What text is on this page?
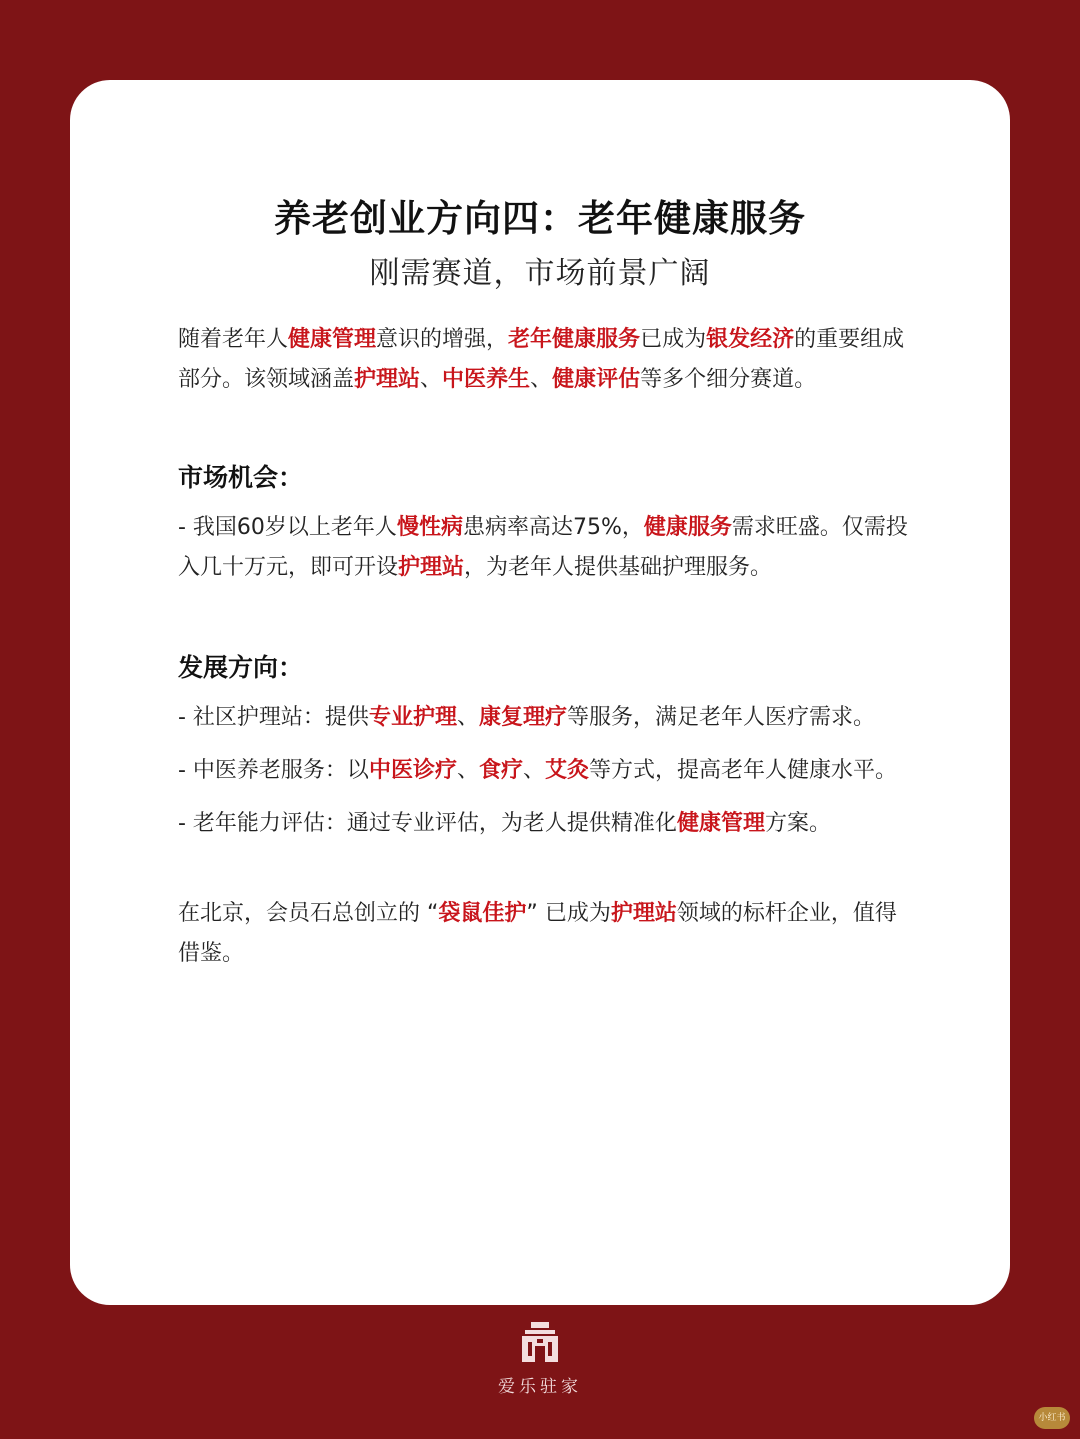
养老创业方向四：老年健康服务
刚需赛道，市场前景广阔

随着老年人健康管理意识的增强，老年健康服务已成为银发经济的重要组成部分。该领域涵盖护理站、中医养生、健康评估等多个细分赛道。

市场机会：

- 我国60岁以上老年人慢性病患病率高达75%，健康服务需求旺盛。仅需投入几十万元，即可开设护理站，为老年人提供基础护理服务。

发展方向：

- 社区护理站：提供专业护理、康复理疗等服务，满足老年人医疗需求。

- 中医养老服务：以中医诊疗、食疗、艾灸等方式，提高老年人健康水平。

- 老年能力评估：通过专业评估，为老人提供精准化健康管理方案。

在北京，会员石总创立的 “袋鼠佳护” 已成为护理站领域的标杆企业，值得借鉴。

爱乐驻家
小红书
